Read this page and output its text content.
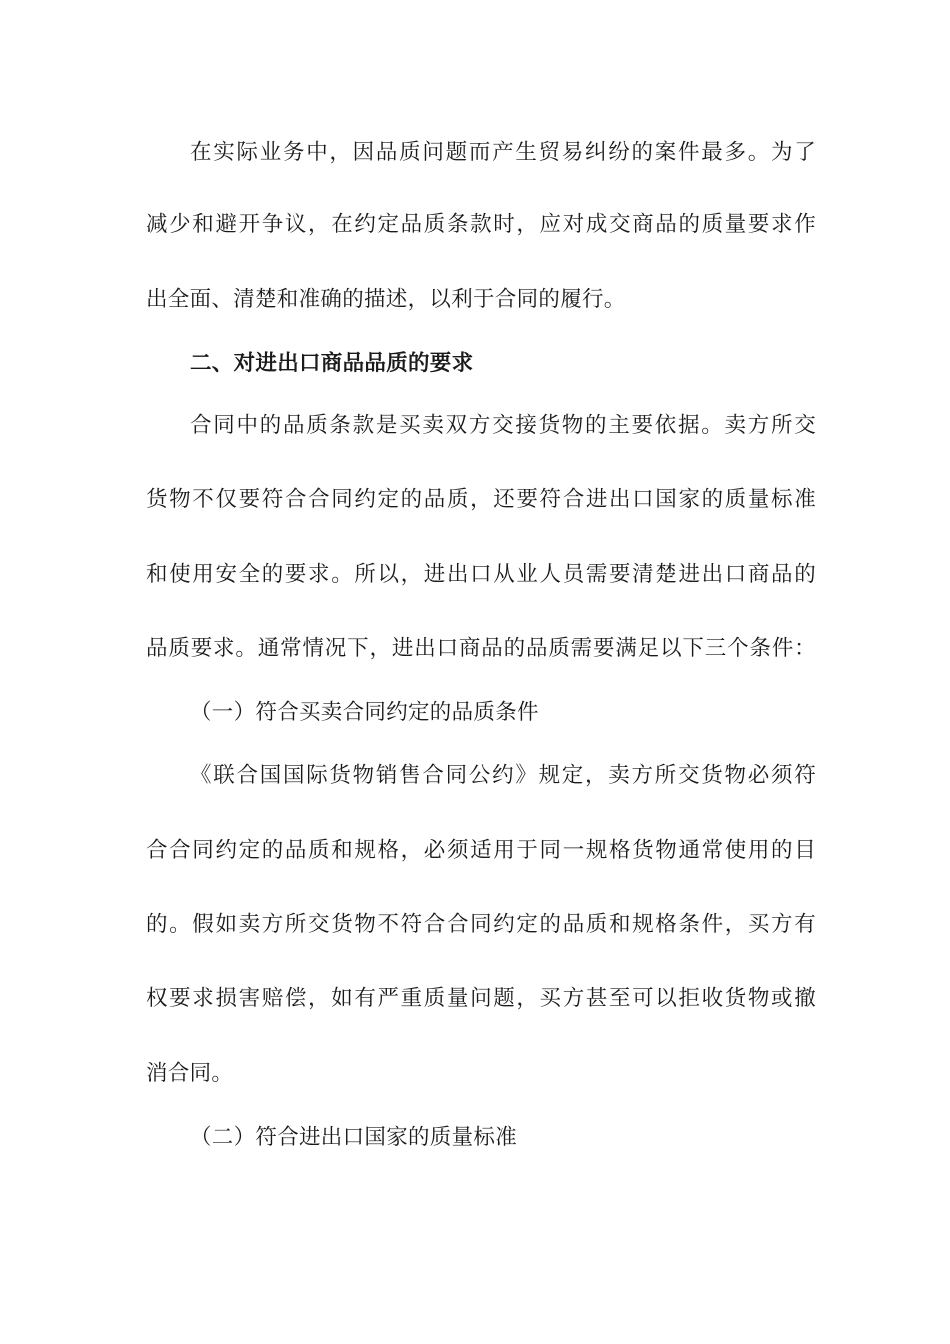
在实际业务中，因品质问题而产生贸易纠纷的案件最多。为了
减少和避开争议，在约定品质条款时，应对成交商品的质量要求作
出全面、清楚和准确的描述，以利于合同的履行。
二、对进出口商品品质的要求
合同中的品质条款是买卖双方交接货物的主要依据。卖方所交
货物不仅要符合合同约定的品质，还要符合进出口国家的质量标准
和使用安全的要求。所以，进出口从业人员需要清楚进出口商品的
品质要求。通常情况下，进出口商品的品质需要满足以下三个条件：
（一）符合买卖合同约定的品质条件
《联合国国际货物销售合同公约》规定，卖方所交货物必须符
合合同约定的品质和规格，必须适用于同一规格货物通常使用的目
的。假如卖方所交货物不符合合同约定的品质和规格条件，买方有
权要求损害赔偿，如有严重质量问题，买方甚至可以拒收货物或撤
消合同。
（二）符合进出口国家的质量标准
